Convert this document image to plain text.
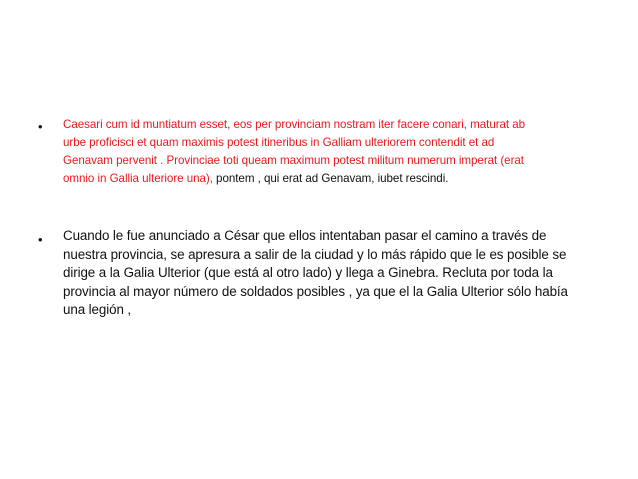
• Caesari cum id muntiatum esset, eos per provinciam nostram iter facere conari, maturat ab
urbe proficisci et quam maximis potest itineribus in Galliam ulteriorem contendit et ad
Genavam pervenit . Provinciae toti queam maximum potest militum numerum imperat (erat
omnio in Gallia ulteriore una), pontem , qui erat ad Genavam, iubet rescindi.
• Cuando le fue anunciado a César que ellos intentaban pasar el camino a través de
nuestra provincia, se apresura a salir de la ciudad y lo más rápido que le es posible se
dirige a la Galia Ulterior (que está al otro lado) y llega a Ginebra. Recluta por toda la
provincia al mayor número de soldados posibles , ya que el la Galia Ulterior sólo había
una legión ,
